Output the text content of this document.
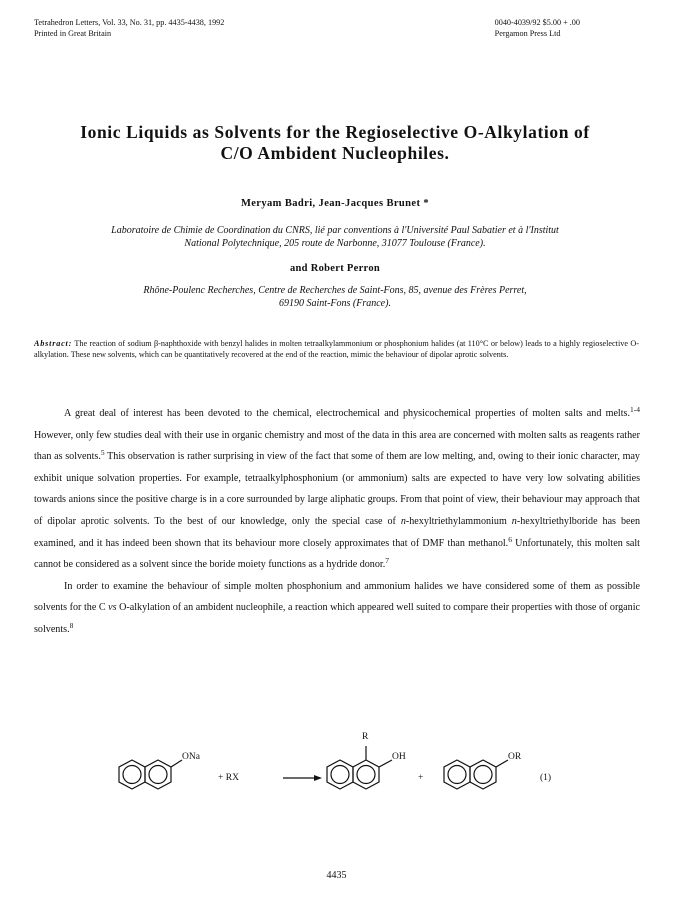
Tetrahedron Letters, Vol. 33, No. 31, pp. 4435-4438, 1992
Printed in Great Britain
0040-4039/92 $5.00 + .00
Pergamon Press Ltd
Ionic Liquids as Solvents for the Regioselective O-Alkylation of
C/O Ambident Nucleophiles.
Meryam Badri, Jean-Jacques Brunet *
Laboratoire de Chimie de Coordination du CNRS, lié par conventions à l'Université Paul Sabatier et à l'Institut
National Polytechnique, 205 route de Narbonne, 31077 Toulouse (France).
and Robert Perron
Rhône-Poulenc Recherches, Centre de Recherches de Saint-Fons, 85, avenue des Frères Perret,
69190 Saint-Fons (France).
Abstract: The reaction of sodium β-naphthoxide with benzyl halides in molten tetraalkylammonium or phosphonium halides (at 110°C or below) leads to a highly regioselective O-alkylation. These new solvents, which can be quantitatively recovered at the end of the reaction, mimic the behaviour of dipolar aprotic solvents.

A great deal of interest has been devoted to the chemical, electrochemical and physicochemical properties of molten salts and melts.$^{1-4}$ However, only few studies deal with their use in organic chemistry and most of the data in this area are concerned with molten salts as reagents rather than as solvents.$^5$ This observation is rather surprising in view of the fact that some of them are low melting, and, owing to their ionic character, may exhibit unique solvation properties. For example, tetraalkylphosphonium (or ammonium) salts are expected to have very low solvating abilities towards anions since the positive charge is in a core surrounded by large aliphatic groups. From that point of view, their behaviour may approach that of dipolar aprotic solvents. To the best of our knowledge, only the special case of n-hexyltriethylammonium n-hexyltriethylboride has been examined, and it has indeed been shown that its behaviour more closely approximates that of DMF than methanol.$^6$ Unfortunately, this molten salt cannot be considered as a solvent since the boride moiety functions as a hydride donor.$^7$

In order to examine the behaviour of simple molten phosphonium and ammonium halides we have considered some of them as possible solvents for the C vs O-alkylation of an ambident nucleophile, a reaction which appeared well suited to compare their properties with those of organic solvents.$^8$

ONa
+ RX
R
OH
+
OR
(1)
4435
